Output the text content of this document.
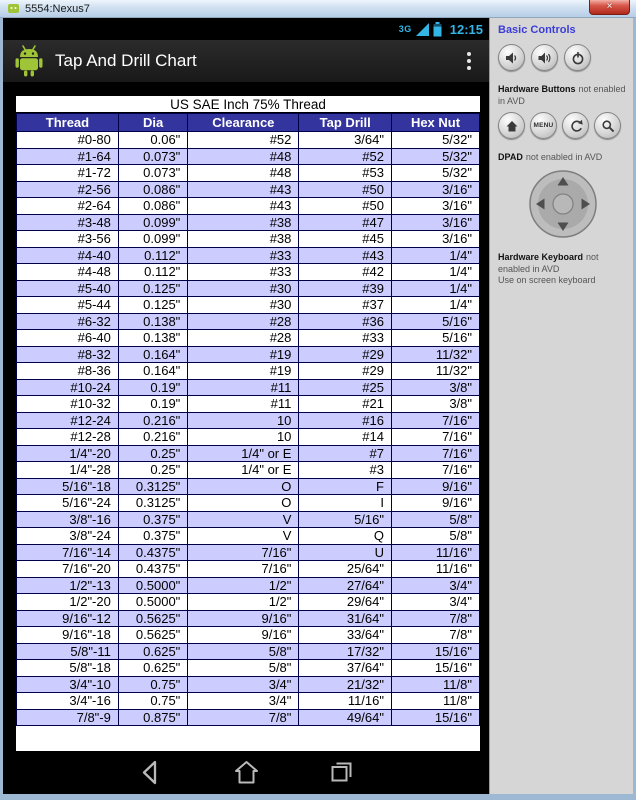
5554:Nexus7	×
3G	12:15
Tap And Drill Chart
US SAE Inch 75% Thread
Thread	Dia	Clearance	Tap Drill	Hex Nut
#0-80	0.06"	#52	3/64"	5/32"
#1-64	0.073"	#48	#52	5/32"
#1-72	0.073"	#48	#53	5/32"
#2-56	0.086"	#43	#50	3/16"
#2-64	0.086"	#43	#50	3/16"
#3-48	0.099"	#38	#47	3/16"
#3-56	0.099"	#38	#45	3/16"
#4-40	0.112"	#33	#43	1/4"
#4-48	0.112"	#33	#42	1/4"
#5-40	0.125"	#30	#39	1/4"
#5-44	0.125"	#30	#37	1/4"
#6-32	0.138"	#28	#36	5/16"
#6-40	0.138"	#28	#33	5/16"
#8-32	0.164"	#19	#29	11/32"
#8-36	0.164"	#19	#29	11/32"
#10-24	0.19"	#11	#25	3/8"
#10-32	0.19"	#11	#21	3/8"
#12-24	0.216"	10	#16	7/16"
#12-28	0.216"	10	#14	7/16"
1/4"-20	0.25"	1/4" or E	#7	7/16"
1/4"-28	0.25"	1/4" or E	#3	7/16"
5/16"-18	0.3125"	O	F	9/16"
5/16"-24	0.3125"	O	I	9/16"
3/8"-16	0.375"	V	5/16"	5/8"
3/8"-24	0.375"	V	Q	5/8"
7/16"-14	0.4375"	7/16"	U	11/16"
7/16"-20	0.4375"	7/16"	25/64"	11/16"
1/2"-13	0.5000"	1/2"	27/64"	3/4"
1/2"-20	0.5000"	1/2"	29/64"	3/4"
9/16"-12	0.5625"	9/16"	31/64"	7/8"
9/16"-18	0.5625"	9/16"	33/64"	7/8"
5/8"-11	0.625"	5/8"	17/32"	15/16"
5/8"-18	0.625"	5/8"	37/64"	15/16"
3/4"-10	0.75"	3/4"	21/32"	11/8"
3/4"-16	0.75"	3/4"	11/16"	11/8"
7/8"-9	0.875"	7/8"	49/64"	15/16"
Basic Controls
Hardware Buttons not enabled in AVD
MENU
DPAD not enabled in AVD
Hardware Keyboard not enabled in AVD
Use on screen keyboard
